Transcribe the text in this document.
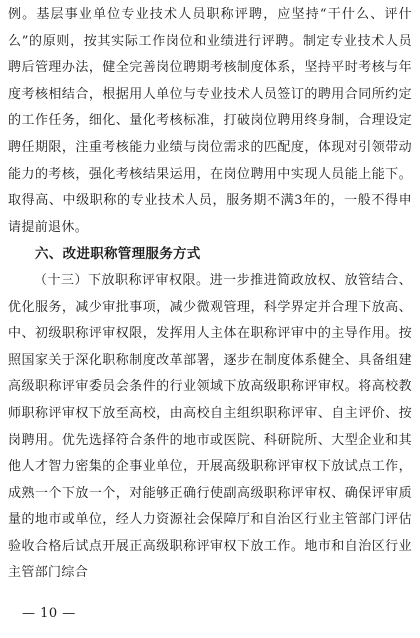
例。基层事业单位专业技术人员职称评聘，应坚持“干什么、评什么”的原则，按其实际工作岗位和业绩进行评聘。制定专业技术人员聘后管理办法，健全完善岗位聘期考核制度体系，坚持平时考核与年度考核相结合，根据用人单位与专业技术人员签订的聘用合同所约定的工作任务，细化、量化考核标准，打破岗位聘用终身制，合理设定聘任期限，注重考核能力业绩与岗位需求的匹配度，体现对引领带动能力的考核，强化考核结果运用，在岗位聘用中实现人员能上能下。取得高、中级职称的专业技术人员，服务期不满3年的，一般不得申请提前退休。

六、改进职称管理服务方式

（十三）下放职称评审权限。进一步推进简政放权、放管结合、优化服务，减少审批事项，减少微观管理，科学界定并合理下放高、中、初级职称评审权限，发挥用人主体在职称评审中的主导作用。按照国家关于深化职称制度改革部署，逐步在制度体系健全、具备组建高级职称评审委员会条件的行业领域下放高级职称评审权。将高校教师职称评审权下放至高校，由高校自主组织职称评审、自主评价、按岗聘用。优先选择符合条件的地市或医院、科研院所、大型企业和其他人才智力密集的企事业单位，开展高级职称评审权下放试点工作，成熟一个下放一个，对能够正确行使副高级职称评审权、确保评审质量的地市或单位，经人力资源社会保障厅和自治区行业主管部门评估验收合格后试点开展正高级职称评审权下放工作。地市和自治区行业主管部门综合

— 10 —
